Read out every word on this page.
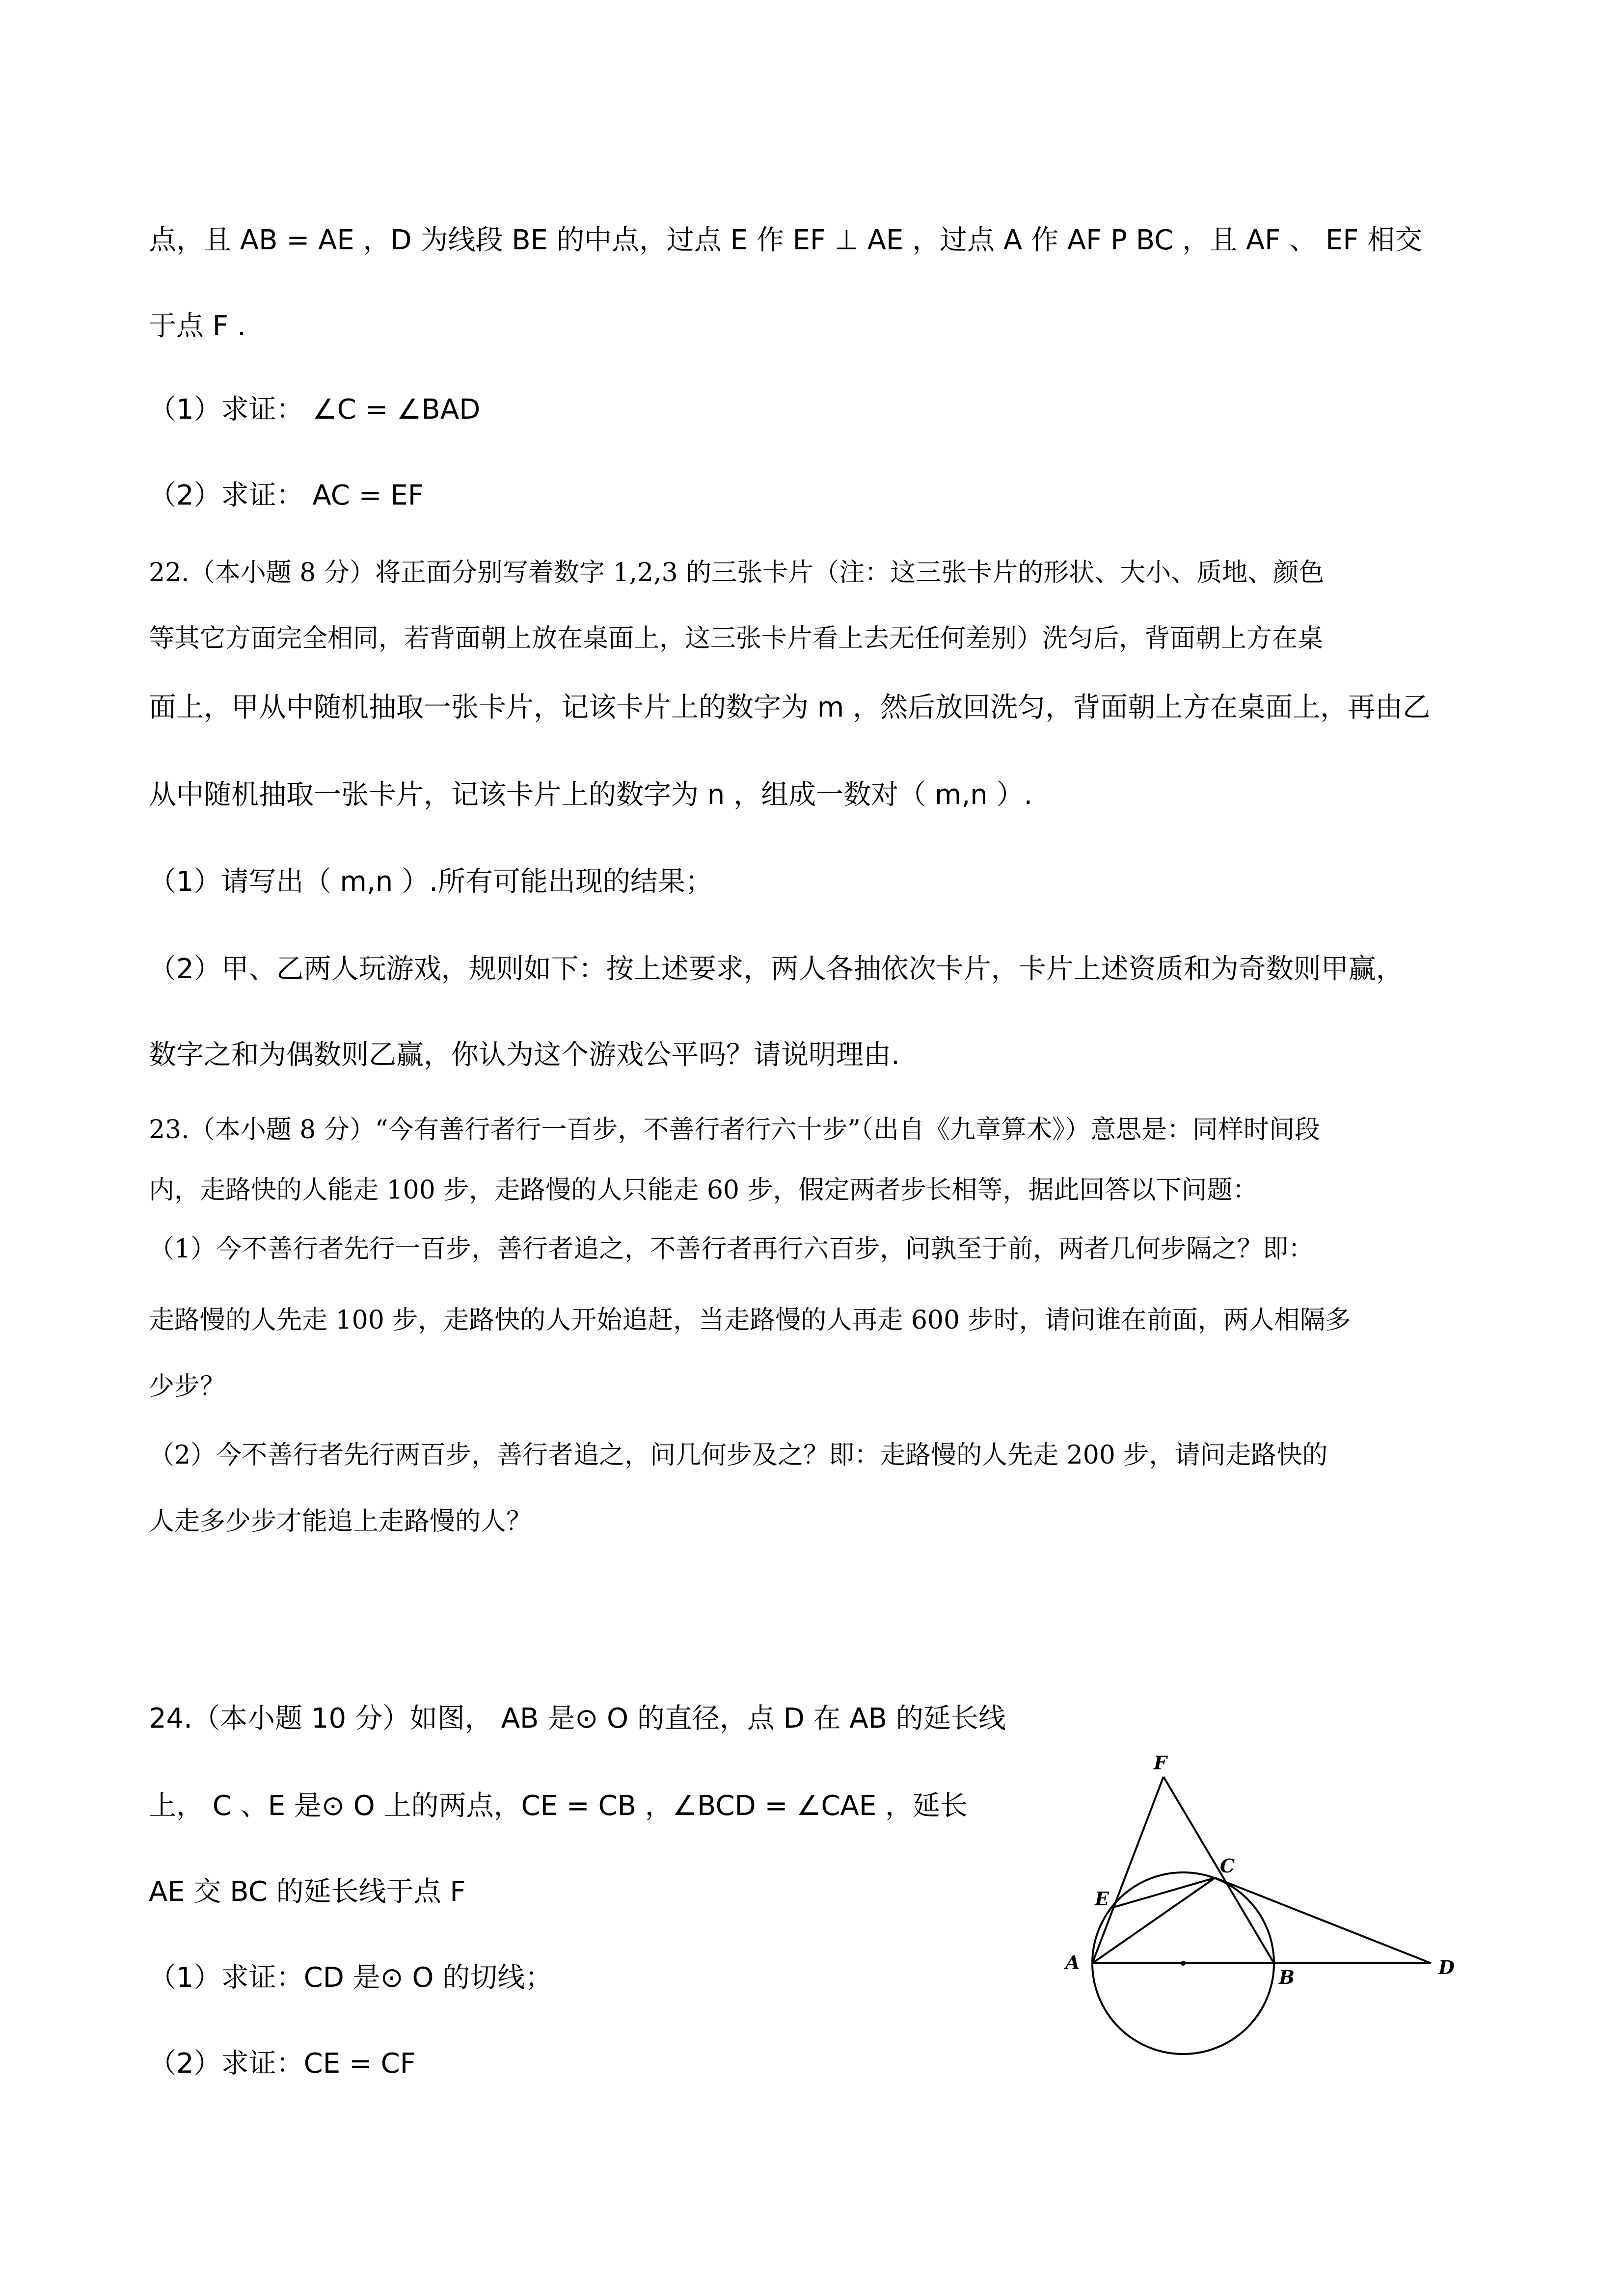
点，且 AB = AE ，D 为线段 BE 的中点，过点 E 作 EF ⊥ AE ，过点 A 作 AF P BC ，且 AF 、 EF 相交
于点 F .
（1）求证： ∠C = ∠BAD
（2）求证： AC = EF
22.（本小题 8 分）将正面分别写着数字 1,2,3 的三张卡片（注：这三张卡片的形状、大小、质地、颜色
等其它方面完全相同，若背面朝上放在桌面上，这三张卡片看上去无任何差别）洗匀后，背面朝上方在桌
面上，甲从中随机抽取一张卡片，记该卡片上的数字为 m ，然后放回洗匀，背面朝上方在桌面上，再由乙
从中随机抽取一张卡片，记该卡片上的数字为 n ，组成一数对（ m,n ）.
（1）请写出（ m,n ）.所有可能出现的结果；
（2）甲、乙两人玩游戏，规则如下：按上述要求，两人各抽依次卡片，卡片上述资质和为奇数则甲赢，
数字之和为偶数则乙赢，你认为这个游戏公平吗？请说明理由.
23.（本小题 8 分）“今有善行者行一百步，不善行者行六十步”（出自《九章算术》）意思是：同样时间段
内，走路快的人能走 100 步，走路慢的人只能走 60 步，假定两者步长相等，据此回答以下问题：
（1）今不善行者先行一百步，善行者追之，不善行者再行六百步，问孰至于前，两者几何步隔之？即：
走路慢的人先走 100 步，走路快的人开始追赶，当走路慢的人再走 600 步时，请问谁在前面，两人相隔多
少步？
（2）今不善行者先行两百步，善行者追之，问几何步及之？即：走路慢的人先走 200 步，请问走路快的
人走多少步才能追上走路慢的人？
24.（本小题 10 分）如图， AB 是⊙ O 的直径，点 D 在 AB 的延长线
上， C 、E 是⊙ O 上的两点，CE = CB ，∠BCD = ∠CAE ，延长
AE 交 BC 的延长线于点 F
（1）求证：CD 是⊙ O 的切线；
（2）求证：CE = CF
F
C
E
A
B	D
